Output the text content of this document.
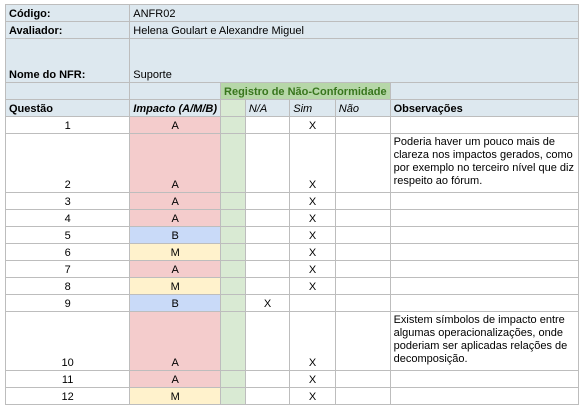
Código:	ANFR02					
Avaliador:	Helena Goulart e Alexandre Miguel					
Nome do NFR:	Suporte					
		Registro de Não-Conformidade				
Questão	Impacto (A/M/B)		N/A	Sim	Não	Observações
1	A			X		
2	A			X		Poderia haver um pouco mais de clareza nos impactos gerados, como por exemplo no terceiro nível que diz respeito ao fórum.
3	A			X		
4	A			X		
5	B			X		
6	M			X		
7	A			X		
8	M			X		
9	B		X			
10	A			X		Existem símbolos de impacto entre algumas operacionalizações, onde poderiam ser aplicadas relações de decomposição.
11	A			X		
12	M			X		
